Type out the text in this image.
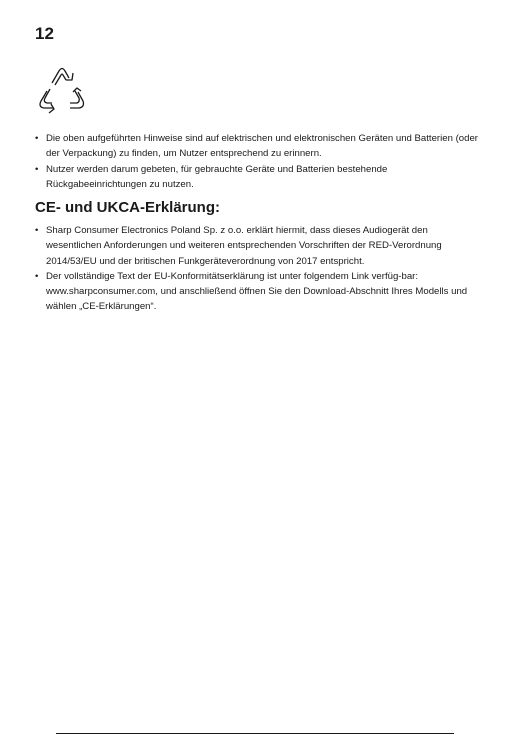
12
• Die oben aufgeführten Hinweise sind auf elektrischen und elektronischen Geräten und Batterien (oder der Verpackung) zu finden, um Nutzer entsprechend zu erinnern.
• Nutzer werden darum gebeten, für gebrauchte Geräte und Batterien bestehende Rückgabeeinrichtungen zu nutzen.
CE- und UKCA-Erklärung:
• Sharp Consumer Electronics Poland Sp. z o.o. erklärt hiermit, dass dieses Audiogerät den wesentlichen Anforderungen und weiteren entsprechenden Vorschriften der RED-Verordnung 2014/53/EU und der britischen Funkgeräteverordnung von 2017 entspricht.
• Der vollständige Text der EU-Konformitätserklärung ist unter folgendem Link verfüg-bar: www.sharpconsumer.com, und anschließend öffnen Sie den Download-Abschnitt Ihres Modells und wählen „CE-Erklärungen“.
